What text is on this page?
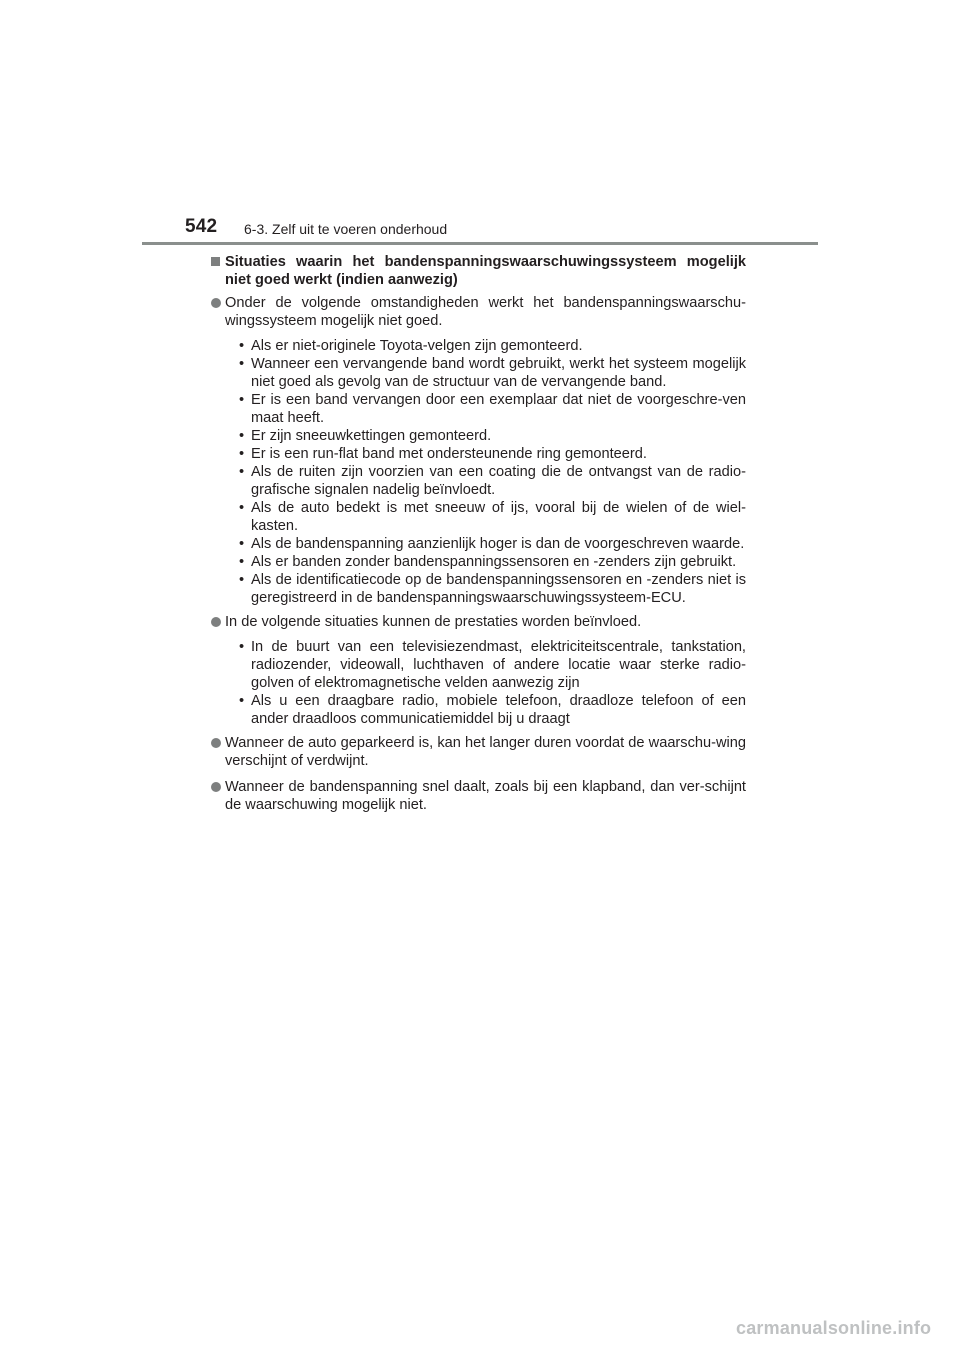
542 6-3. Zelf uit te voeren onderhoud
Situaties waarin het bandenspanningswaarschuwingssysteem mogelijk niet goed werkt (indien aanwezig)
Onder de volgende omstandigheden werkt het bandenspanningswaarschu-wingssysteem mogelijk niet goed.
• Als er niet-originele Toyota-velgen zijn gemonteerd.
• Wanneer een vervangende band wordt gebruikt, werkt het systeem mogelijk niet goed als gevolg van de structuur van de vervangende band.
• Er is een band vervangen door een exemplaar dat niet de voorgeschre-ven maat heeft.
• Er zijn sneeuwkettingen gemonteerd.
• Er is een run-flat band met ondersteunende ring gemonteerd.
• Als de ruiten zijn voorzien van een coating die de ontvangst van de radio-grafische signalen nadelig beïnvloedt.
• Als de auto bedekt is met sneeuw of ijs, vooral bij de wielen of de wiel-kasten.
• Als de bandenspanning aanzienlijk hoger is dan de voorgeschreven waarde.
• Als er banden zonder bandenspanningssensoren en -zenders zijn gebruikt.
• Als de identificatiecode op de bandenspanningssensoren en -zenders niet is geregistreerd in de bandenspanningswaarschuwingssysteem-ECU.
In de volgende situaties kunnen de prestaties worden beïnvloed.
• In de buurt van een televisiezendmast, elektriciteitscentrale, tankstation, radiozender, videowall, luchthaven of andere locatie waar sterke radio-golven of elektromagnetische velden aanwezig zijn
• Als u een draagbare radio, mobiele telefoon, draadloze telefoon of een ander draadloos communicatiemiddel bij u draagt
Wanneer de auto geparkeerd is, kan het langer duren voordat de waarschu-wing verschijnt of verdwijnt.
Wanneer de bandenspanning snel daalt, zoals bij een klapband, dan ver-schijnt de waarschuwing mogelijk niet.
carmanualsonline.info
